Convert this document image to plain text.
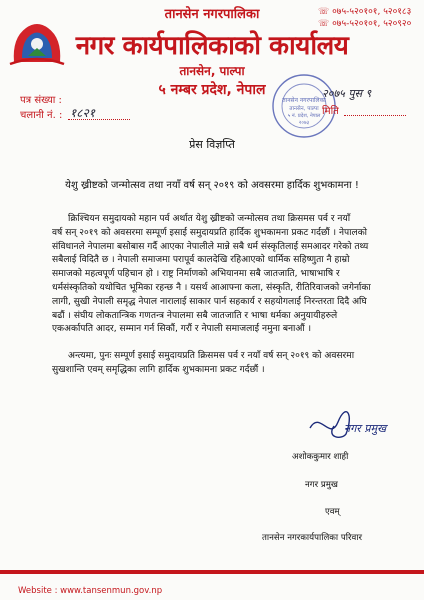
तानसेन नगरपालिका
नगर कार्यपालिकाको कार्यालय
तानसेन, पाल्पा
५ नम्बर प्रदेश, नेपाल
☏ ०७५-५२०१०१, ५२०१८३
☏ ०७५-५२०१०१, ५२०९२०
तानसेन नगरपालिका
तानसेन, पाल्पा
५ नं. प्रदेश, नेपाल
२०७३
पत्र संख्या :
चलानी नं. : १८२१
२०७५ पुस ९
मिति
प्रेस विज्ञप्ति
येशु ख्रीष्टको जन्मोत्सव तथा नयाँ वर्ष सन् २०१९ को अवसरमा हार्दिक शुभकामना !
क्रिश्चियन समुदायको महान पर्व अर्थात येशु ख्रीष्टको जन्मोत्सव तथा क्रिसमस पर्व र नयाँ
वर्ष सन् २०१९ को अवसरमा सम्पूर्ण इसाई समुदायप्रति हार्दिक शुभकामना प्रकट गर्दछौं । नेपालको
संविधानले नेपालमा बसोबास गर्दै आएका नेपालीले मान्ने सबै धर्म संस्कृतिलाई समआदर गरेको तथ्य
सबैलाई विदितै छ । नेपाली समाजमा परापूर्व कालदेखि रहिआएको धार्मिक सहिष्णुता नै हाम्रो
समाजको महत्वपूर्ण पहिचान हो । राष्ट्र निर्माणको अभियानमा सबै जातजाति, भाषाभाषि र
धर्मसंस्कृतिको यथोचित भूमिका रहन्छ नै । यसर्थ आआफ्ना कला, संस्कृति, रीतिरिवाजको जगेर्नाका
लागी, सुखी नेपाली समृद्ध नेपाल नाराला‌ई साकार पार्न सहकार्य र सहयोगलाई निरन्तरता दिदै अघि
बढौं । संघीय लोकतान्त्रिक गणतन्त्र नेपालमा सबै जातजाति र भाषा धर्मका अनुयायीहरुले
एकअर्कापति आदर, सम्मान गर्न सिकौं, गरौं र नेपाली समाजलाई नमुना बनाऔं ।
अन्त्यमा, पुनः सम्पूर्ण इसाई समुदायप्रति क्रिसमस पर्व र नयाँ वर्ष सन् २०१९ को अवसरमा
सुखशान्ति एवम् समृद्धिका लागि हार्दिक शुभकामना प्रकट गर्दछौं ।
नगर प्रमुख
अशोककुमार शाही
नगर प्रमुख
एवम्
तानसेन नगरकार्यपालिका परिवार
Website : www.tansenmun.gov.np
